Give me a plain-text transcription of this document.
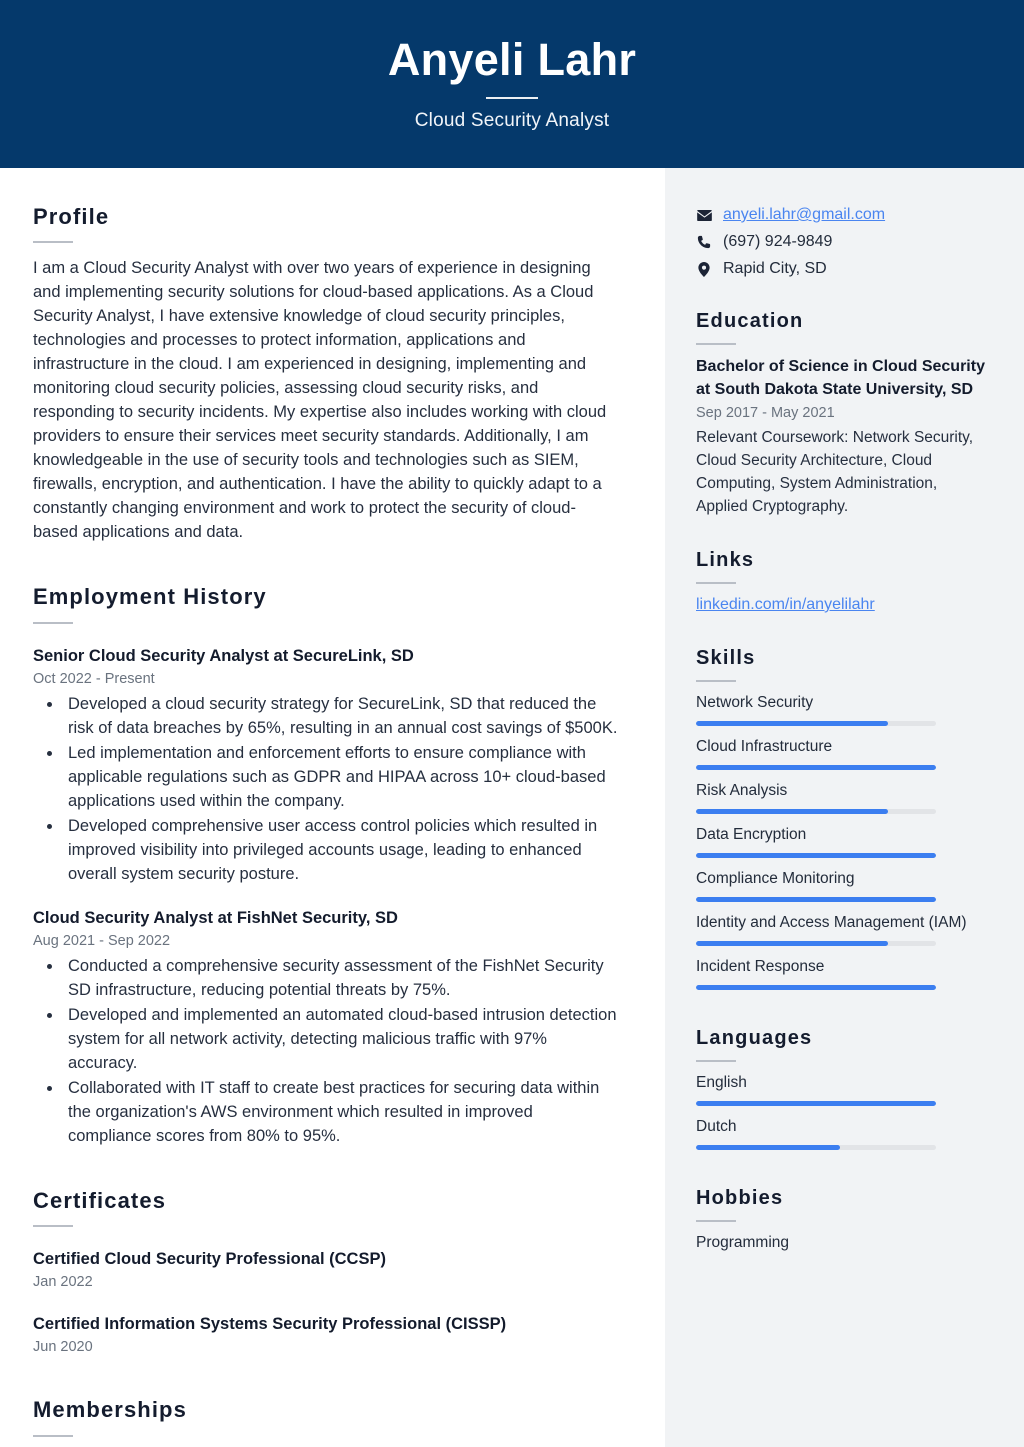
Anyeli Lahr
Cloud Security Analyst
Profile
I am a Cloud Security Analyst with over two years of experience in designing and implementing security solutions for cloud-based applications. As a Cloud Security Analyst, I have extensive knowledge of cloud security principles, technologies and processes to protect information, applications and infrastructure in the cloud. I am experienced in designing, implementing and monitoring cloud security policies, assessing cloud security risks, and responding to security incidents. My expertise also includes working with cloud providers to ensure their services meet security standards. Additionally, I am knowledgeable in the use of security tools and technologies such as SIEM, firewalls, encryption, and authentication. I have the ability to quickly adapt to a constantly changing environment and work to protect the security of cloud-based applications and data.
Employment History
Senior Cloud Security Analyst at SecureLink, SD
Oct 2022 - Present
• Developed a cloud security strategy for SecureLink, SD that reduced the risk of data breaches by 65%, resulting in an annual cost savings of $500K.
• Led implementation and enforcement efforts to ensure compliance with applicable regulations such as GDPR and HIPAA across 10+ cloud-based applications used within the company.
• Developed comprehensive user access control policies which resulted in improved visibility into privileged accounts usage, leading to enhanced overall system security posture.
Cloud Security Analyst at FishNet Security, SD
Aug 2021 - Sep 2022
• Conducted a comprehensive security assessment of the FishNet Security SD infrastructure, reducing potential threats by 75%.
• Developed and implemented an automated cloud-based intrusion detection system for all network activity, detecting malicious traffic with 97% accuracy.
• Collaborated with IT staff to create best practices for securing data within the organization's AWS environment which resulted in improved compliance scores from 80% to 95%.
Certificates
Certified Cloud Security Professional (CCSP)
Jan 2022
Certified Information Systems Security Professional (CISSP)
Jun 2020
Memberships
anyeli.lahr@gmail.com
(697) 924-9849
Rapid City, SD
Education
Bachelor of Science in Cloud Security at South Dakota State University, SD
Sep 2017 - May 2021
Relevant Coursework: Network Security, Cloud Security Architecture, Cloud Computing, System Administration, Applied Cryptography.
Links
linkedin.com/in/anyelilahr
Skills
Network Security
Cloud Infrastructure
Risk Analysis
Data Encryption
Compliance Monitoring
Identity and Access Management (IAM)
Incident Response
Languages
English
Dutch
Hobbies
Programming
